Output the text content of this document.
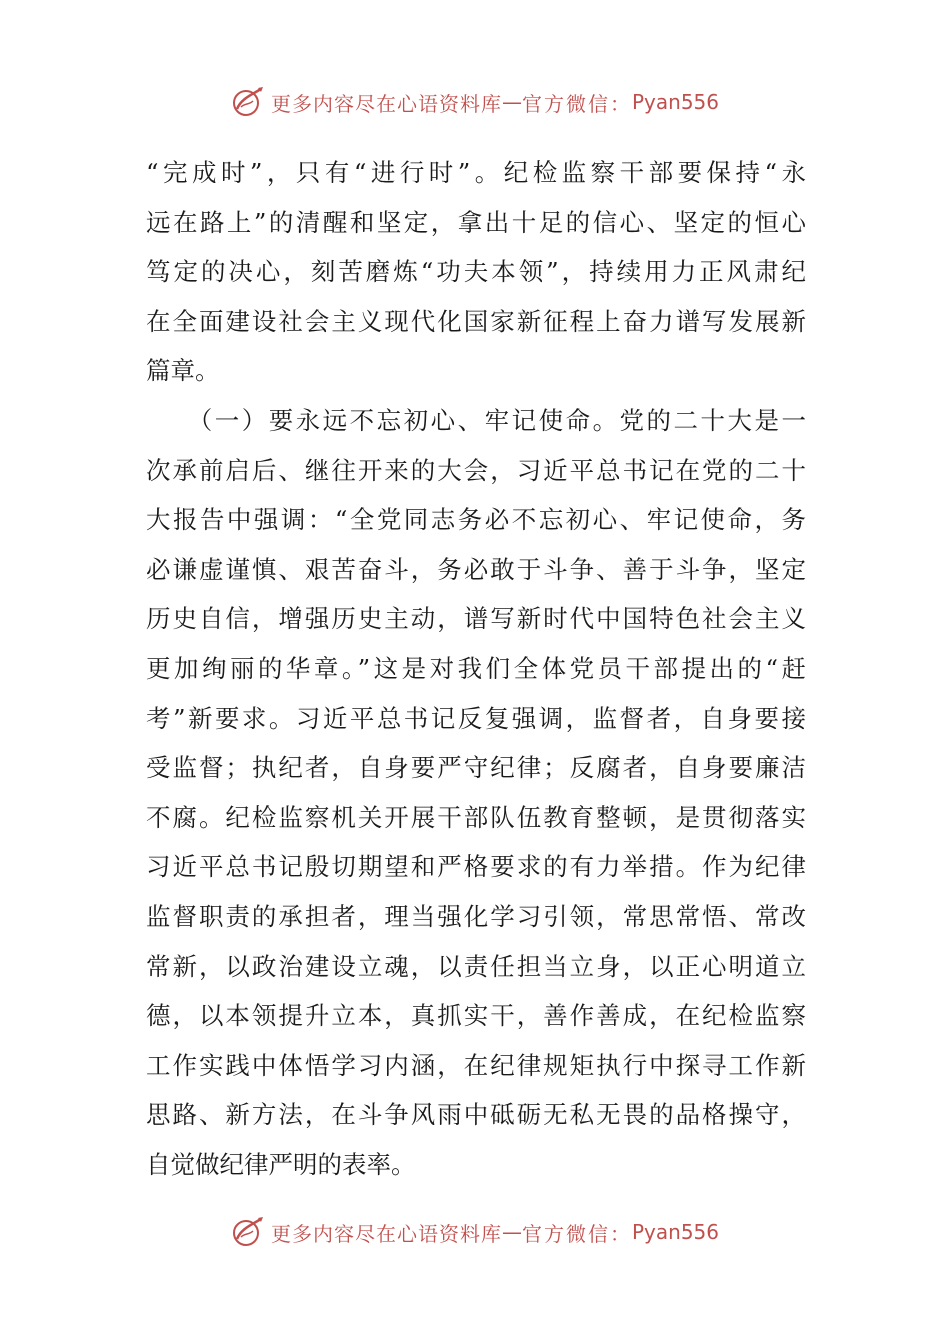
更多内容尽在心语资料库 — 官方微信： Pyan556
“完成时”，只有“进行时”。纪检监察干部要保持“永
远在路上”的清醒和坚定，拿出十足的信心、坚定的恒心
笃定的决心，刻苦磨炼“功夫本领”，持续用力正风肃纪
在全面建设社会主义现代化国家新征程上奋力谱写发展新
篇章。
　　（一）要永远不忘初心、牢记使命。党的二十大是一
次承前启后、继往开来的大会，习近平总书记在党的二十
大报告中强调：“全党同志务必不忘初心、牢记使命，务
必谦虚谨慎、艰苦奋斗，务必敢于斗争、善于斗争，坚定
历史自信，增强历史主动，谱写新时代中国特色社会主义
更加绚丽的华章。”这是对我们全体党员干部提出的“赶
考”新要求。习近平总书记反复强调，监督者，自身要接
受监督；执纪者，自身要严守纪律；反腐者，自身要廉洁
不腐。纪检监察机关开展干部队伍教育整顿，是贯彻落实
习近平总书记殷切期望和严格要求的有力举措。作为纪律
监督职责的承担者，理当强化学习引领，常思常悟、常改
常新，以政治建设立魂，以责任担当立身，以正心明道立
德，以本领提升立本，真抓实干，善作善成，在纪检监察
工作实践中体悟学习内涵，在纪律规矩执行中探寻工作新
思路、新方法，在斗争风雨中砥砺无私无畏的品格操守，
自觉做纪律严明的表率。
更多内容尽在心语资料库 — 官方微信： Pyan556
